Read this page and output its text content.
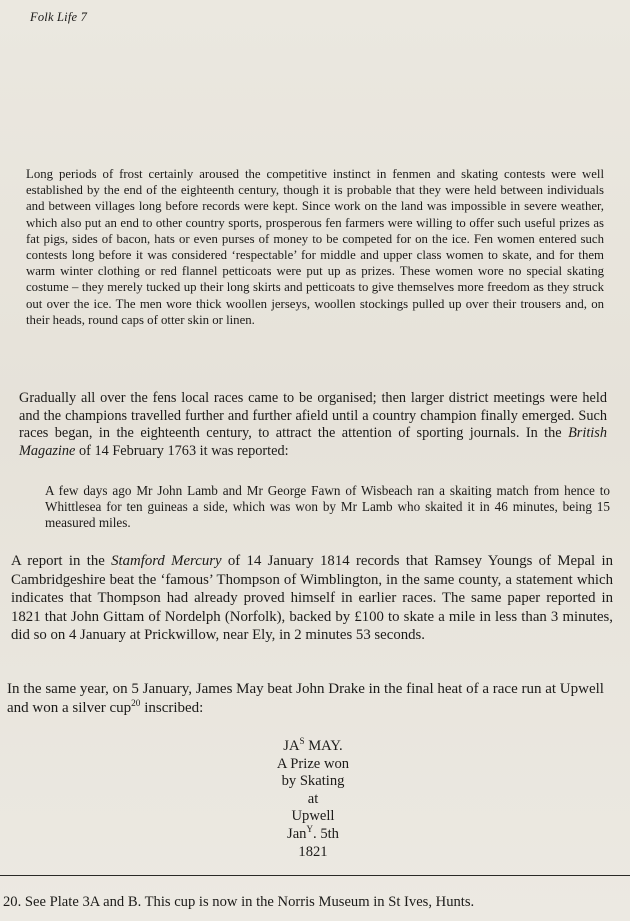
Folk Life 7

Long periods of frost certainly aroused the competitive instinct in fenmen and skating contests were well established by the end of the eighteenth century, though it is probable that they were held between individuals and between villages long before records were kept. Since work on the land was impossible in severe weather, which also put an end to other country sports, prosperous fen farmers were willing to offer such useful prizes as fat pigs, sides of bacon, hats or even purses of money to be competed for on the ice. Fen women entered such contests long before it was considered ‘respectable’ for middle and upper class women to skate, and for them warm winter clothing or red flannel petticoats were put up as prizes. These women wore no special skating costume – they merely tucked up their long skirts and petticoats to give themselves more freedom as they struck out over the ice. The men wore thick woollen jerseys, woollen stockings pulled up over their trousers and, on their heads, round caps of otter skin or linen.

Gradually all over the fens local races came to be organised; then larger district meetings were held and the champions travelled further and further afield until a country champion finally emerged. Such races began, in the eighteenth century, to attract the attention of sporting journals. In the British Magazine of 14 February 1763 it was reported:

A few days ago Mr John Lamb and Mr George Fawn of Wisbeach ran a skaiting match from hence to Whittlesea for ten guineas a side, which was won by Mr Lamb who skaited it in 46 minutes, being 15 measured miles.

A report in the Stamford Mercury of 14 January 1814 records that Ramsey Youngs of Mepal in Cambridgeshire beat the ‘famous’ Thompson of Wimblington, in the same county, a statement which indicates that Thompson had already proved himself in earlier races. The same paper reported in 1821 that John Gittam of Nordelph (Norfolk), backed by £100 to skate a mile in less than 3 minutes, did so on 4 January at Prickwillow, near Ely, in 2 minutes 53 seconds.

In the same year, on 5 January, James May beat John Drake in the final heat of a race run at Upwell and won a silver cup$^{20}$ inscribed:

$JA^S$ MAY.
A Prize won
by Skating
at
Upwell
Jan$^Y$. 5th
1821
20. See Plate 3A and B. This cup is now in the Norris Museum in St Ives, Hunts.
